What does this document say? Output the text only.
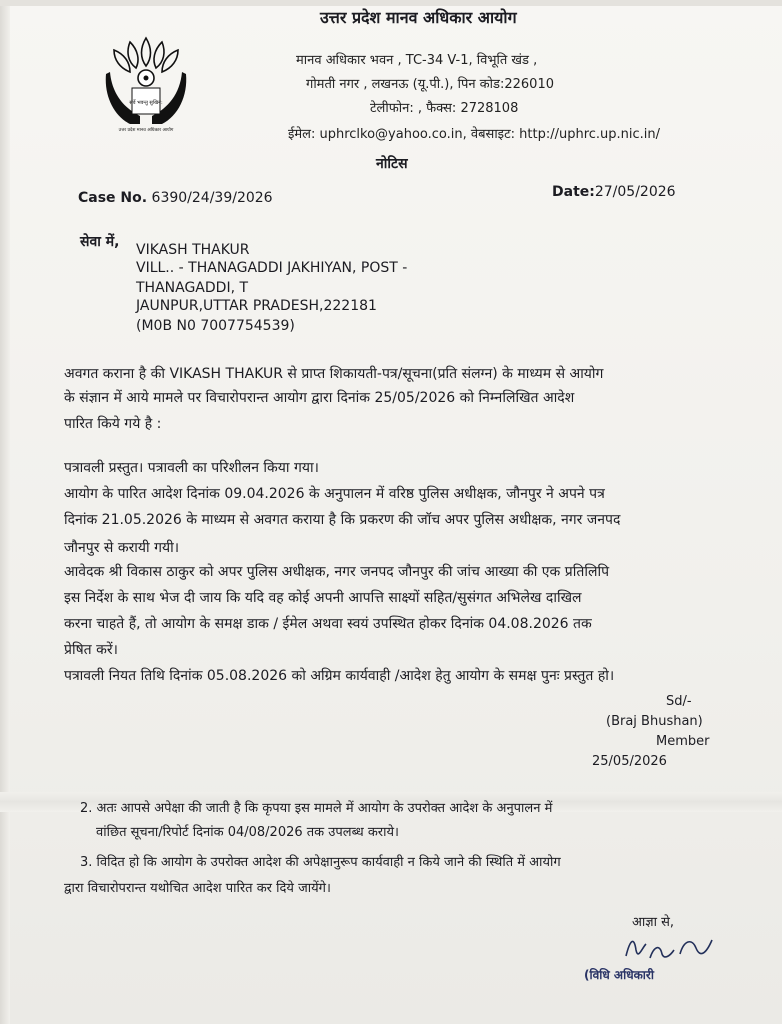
सर्वे भवन्तु सुखिन:
उत्तर प्रदेश मानव अधिकार आयोग
उत्तर प्रदेश मानव अधिकार आयोग
मानव अधिकार भवन , TC-34 V-1, विभूति खंड ,
गोमती नगर , लखनऊ (यू.पी.), पिन कोड:226010
टेलीफोन: , फैक्स: 2728108
ईमेल: uphrclko@yahoo.co.in, वेबसाइट: http://uphrc.up.nic.in/
नोटिस
Case No. 6390/24/39/2026	Date:27/05/2026
सेवा में, VIKASH THAKUR
VILL.. - THANAGADDI JAKHIYAN, POST -
THANAGADDI, T
JAUNPUR,UTTAR PRADESH,222181
(M0B N0 7007754539)
अवगत कराना है की VIKASH THAKUR से प्राप्त शिकायती-पत्र/सूचना(प्रति संलग्न) के माध्यम से आयोग
के संज्ञान में आये मामले पर विचारोपरान्त आयोग द्वारा दिनांक 25/05/2026 को निम्नलिखित आदेश
पारित किये गये है :
पत्रावली प्रस्तुत। पत्रावली का परिशीलन किया गया।
आयोग के पारित आदेश दिनांक 09.04.2026 के अनुपालन में वरिष्ठ पुलिस अधीक्षक, जौनपुर ने अपने पत्र
दिनांक 21.05.2026 के माध्यम से अवगत कराया है कि प्रकरण की जॉच अपर पुलिस अधीक्षक, नगर जनपद
जौनपुर से करायी गयी।
आवेदक श्री विकास ठाकुर को अपर पुलिस अधीक्षक, नगर जनपद जौनपुर की जांच आख्या की एक प्रतिलिपि
इस निर्देश के साथ भेज दी जाय कि यदि वह कोई अपनी आपत्ति साक्ष्यों सहित/सुसंगत अभिलेख दाखिल
करना चाहते हैं, तो आयोग के समक्ष डाक / ईमेल अथवा स्वयं उपस्थित होकर दिनांक 04.08.2026 तक
प्रेषित करें।
पत्रावली नियत तिथि दिनांक 05.08.2026 को अग्रिम कार्यवाही /आदेश हेतु आयोग के समक्ष पुनः प्रस्तुत हो।
Sd/-
(Braj Bhushan)
Member
25/05/2026
2. अतः आपसे अपेक्षा की जाती है कि कृपया इस मामले में आयोग के उपरोक्त आदेश के अनुपालन में
वांछित सूचना/रिपोर्ट दिनांक 04/08/2026 तक उपलब्ध कराये।
3. विदित हो कि आयोग के उपरोक्त आदेश की अपेक्षानुरूप कार्यवाही न किये जाने की स्थिति में आयोग
द्वारा विचारोपरान्त यथोचित आदेश पारित कर दिये जायेंगे।
आज्ञा से,
(विधि अधिकारी
